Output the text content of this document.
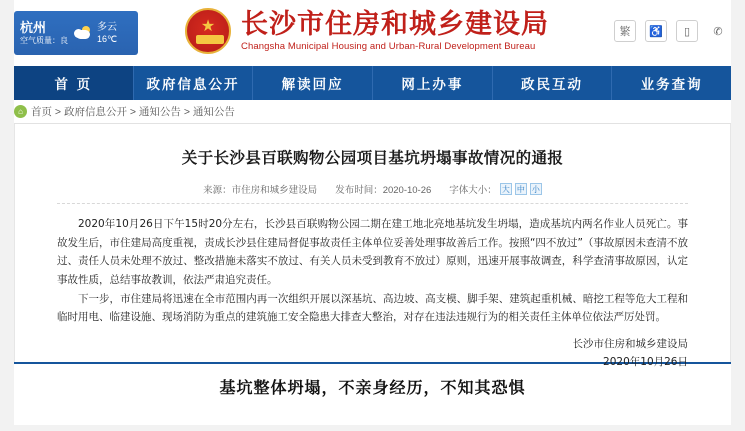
杭州
空气质量：良
多云
16℃ ★	长沙市住房和城乡建设局
Changsha Municipal Housing and Urban-Rural Development Bureau
繁	♿	▯	✆
首 页	政府信息公开	解读回应	网上办事	政民互动	业务查询
⌂ 首页 > 政府信息公开 > 通知公告 > 通知公告
关于长沙县百联购物公园项目基坑坍塌事故情况的通报
来源：市住房和城乡建设局 发布时间：2020-10-26 字体大小： 大 中 小

2020年10月26日下午15时20分左右，长沙县百联购物公园二期在建工地北亮地基坑发生坍塌，造成基坑内两名作业人员死亡。事故发生后，市住建局高度重视，责成长沙县住建局督促事故责任主体单位妥善处理事故善后工作。按照“四不放过”（事故原因未查清不放过、责任人员未处理不放过、整改措施未落实不放过、有关人员未受到教育不放过）原则，迅速开展事故调查，科学查清事故原因，认定事故性质，总结事故教训，依法严肃追究责任。

下一步，市住建局将迅速在全市范围内再一次组织开展以深基坑、高边坡、高支模、脚手架、建筑起重机械、暗挖工程等危大工程和临时用电、临建设施、现场消防为重点的建筑施工安全隐患大排查大整治，对存在违法违规行为的相关责任主体单位依法严厉处罚。

长沙市住房和城乡建设局
2020年10月26日
基坑整体坍塌，不亲身经历，不知其恐惧
